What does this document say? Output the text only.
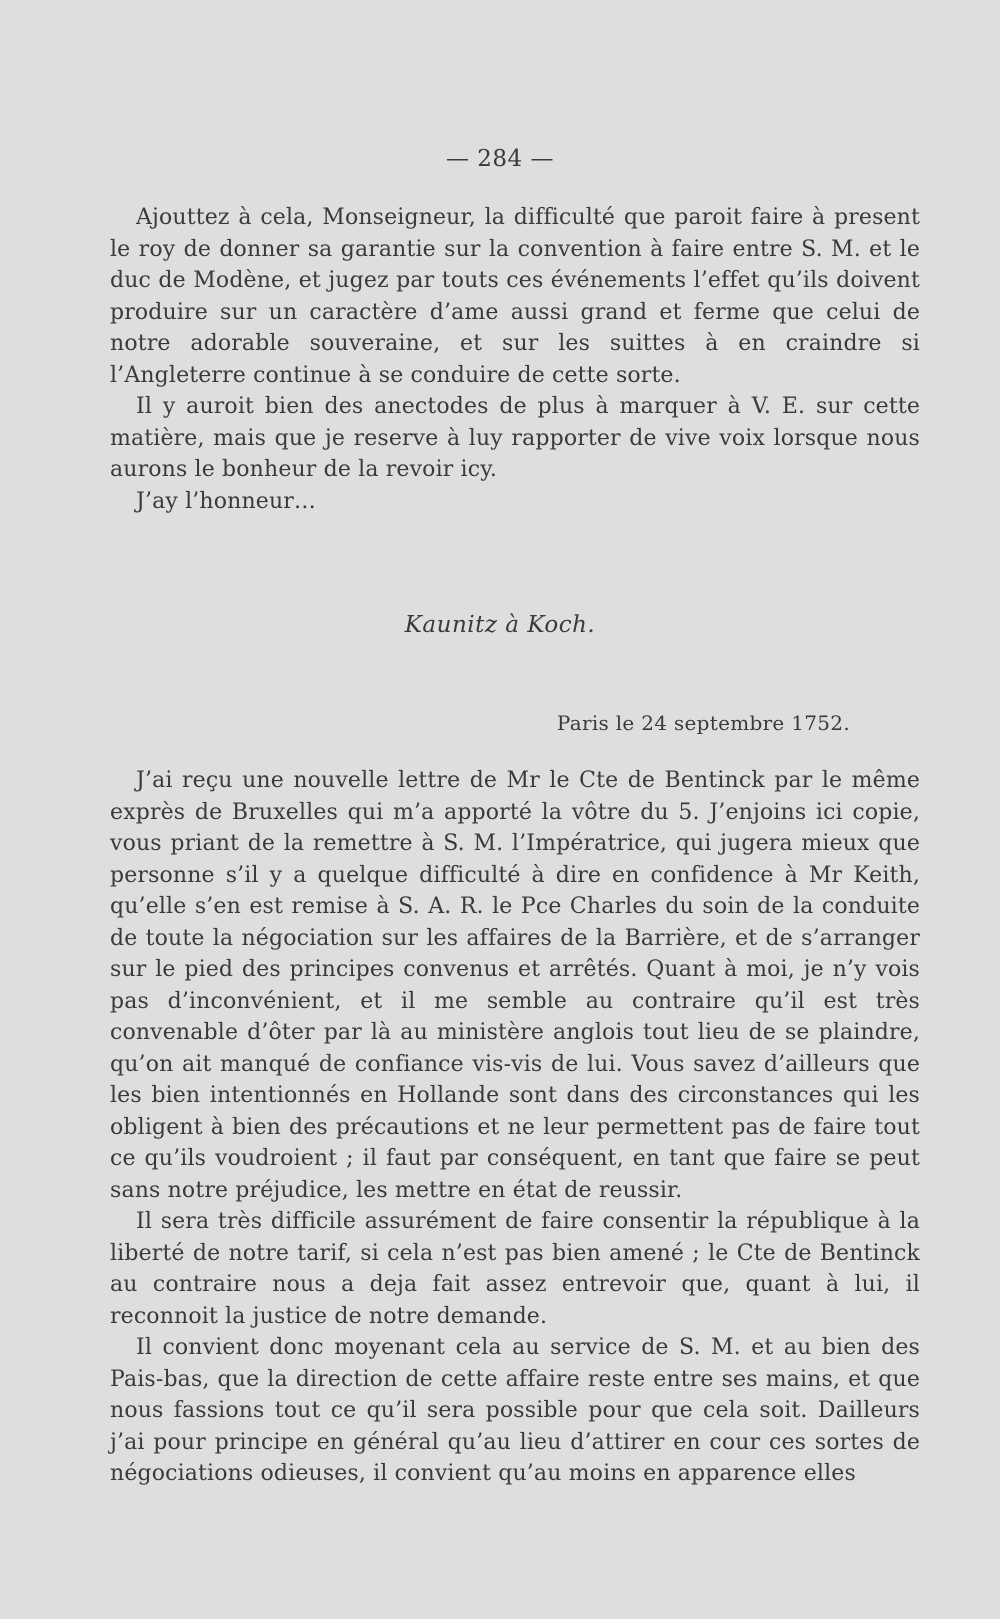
— 284 —

Ajouttez à cela, Monseigneur, la difficulté que paroit faire à present le roy de donner sa garantie sur la convention à faire entre S. M. et le duc de Modène, et jugez par touts ces événements l’effet qu’ils doivent produire sur un caractère d’ame aussi grand et ferme que celui de notre adorable souveraine, et sur les suittes à en craindre si l’Angleterre continue à se conduire de cette sorte.

Il y auroit bien des anectodes de plus à marquer à V. E. sur cette matière, mais que je reserve à luy rapporter de vive voix lorsque nous aurons le bonheur de la revoir icy.

J’ay l’honneur…

Kaunitz à Koch.
Paris le 24 septembre 1752.

J’ai reçu une nouvelle lettre de Mr le Cte de Bentinck par le même exprès de Bruxelles qui m’a apporté la vôtre du 5. J’enjoins ici copie, vous priant de la remettre à S. M. l’Impératrice, qui jugera mieux que personne s’il y a quelque difficulté à dire en confidence à Mr Keith, qu’elle s’en est remise à S. A. R. le Pce Charles du soin de la conduite de toute la négociation sur les affaires de la Barrière, et de s’arranger sur le pied des principes convenus et arrêtés. Quant à moi, je n’y vois pas d’inconvénient, et il me semble au contraire qu’il est très convenable d’ôter par là au ministère anglois tout lieu de se plaindre, qu’on ait manqué de confiance vis-vis de lui. Vous savez d’ailleurs que les bien intentionnés en Hollande sont dans des circonstances qui les obligent à bien des précautions et ne leur permettent pas de faire tout ce qu’ils voudroient ; il faut par conséquent, en tant que faire se peut sans notre préjudice, les mettre en état de reussir.

Il sera très difficile assurément de faire consentir la république à la liberté de notre tarif, si cela n’est pas bien amené ; le Cte de Bentinck au contraire nous a deja fait assez entrevoir que, quant à lui, il reconnoit la justice de notre demande.

Il convient donc moyenant cela au service de S. M. et au bien des Pais-bas, que la direction de cette affaire reste entre ses mains, et que nous fassions tout ce qu’il sera possible pour que cela soit. Dailleurs j’ai pour principe en général qu’au lieu d’attirer en cour ces sortes de négociations odieuses, il convient qu’au moins en apparence elles
